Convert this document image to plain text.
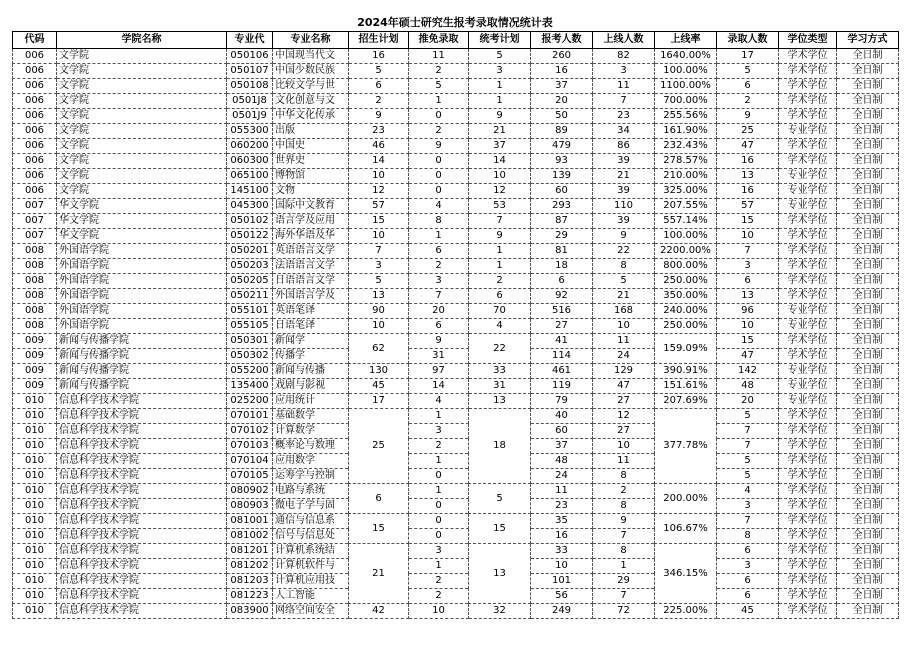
2024年硕士研究生报考录取情况统计表
代码	学院名称	专业代	专业名称	招生计划	推免录取	统考计划	报考人数	上线人数	上线率	录取人数	学位类型	学习方式
006	文学院	050106	中国现当代文	16	11	5	260	82	1640.00%	17	学术学位	全日制
006	文学院	050107	中国少数民族	5	2	3	16	3	100.00%	5	学术学位	全日制
006	文学院	050108	比较文学与世	6	5	1	37	11	1100.00%	6	学术学位	全日制
006	文学院	0501J8	文化创意与文	2	1	1	20	7	700.00%	2	学术学位	全日制
006	文学院	0501J9	中华文化传承	9	0	9	50	23	255.56%	9	学术学位	全日制
006	文学院	055300	出版	23	2	21	89	34	161.90%	25	专业学位	全日制
006	文学院	060200	中国史	46	9	37	479	86	232.43%	47	学术学位	全日制
006	文学院	060300	世界史	14	0	14	93	39	278.57%	16	学术学位	全日制
006	文学院	065100	博物馆	10	0	10	139	21	210.00%	13	专业学位	全日制
006	文学院	145100	文物	12	0	12	60	39	325.00%	16	专业学位	全日制
007	华文学院	045300	国际中文教育	57	4	53	293	110	207.55%	57	专业学位	全日制
007	华文学院	050102	语言学及应用	15	8	7	87	39	557.14%	15	学术学位	全日制
007	华文学院	050122	海外华语及华	10	1	9	29	9	100.00%	10	学术学位	全日制
008	外国语学院	050201	英语语言文学	7	6	1	81	22	2200.00%	7	学术学位	全日制
008	外国语学院	050203	法语语言文学	3	2	1	18	8	800.00%	3	学术学位	全日制
008	外国语学院	050205	日语语言文学	5	3	2	6	5	250.00%	6	学术学位	全日制
008	外国语学院	050211	外国语言学及	13	7	6	92	21	350.00%	13	学术学位	全日制
008	外国语学院	055101	英语笔译	90	20	70	516	168	240.00%	96	专业学位	全日制
008	外国语学院	055105	日语笔译	10	6	4	27	10	250.00%	10	专业学位	全日制
009	新闻与传播学院	050301	新闻学	62	9	22	41	11	159.09%	15	学术学位	全日制
009	新闻与传播学院	050302	传播学		31		114	24		47	学术学位	全日制
009	新闻与传播学院	055200	新闻与传播	130	97	33	461	129	390.91%	142	专业学位	全日制
009	新闻与传播学院	135400	戏剧与影视	45	14	31	119	47	151.61%	48	专业学位	全日制
010	信息科学技术学院	025200	应用统计	17	4	13	79	27	207.69%	20	专业学位	全日制
010	信息科学技术学院	070101	基础数学	25	1	18	40	12	377.78%	5	学术学位	全日制
010	信息科学技术学院	070102	计算数学		3		60	27		7	学术学位	全日制
010	信息科学技术学院	070103	概率论与数理		2		37	10		7	学术学位	全日制
010	信息科学技术学院	070104	应用数学		1		48	11		5	学术学位	全日制
010	信息科学技术学院	070105	运筹学与控制		0		24	8		5	学术学位	全日制
010	信息科学技术学院	080902	电路与系统	6	1	5	11	2	200.00%	4	学术学位	全日制
010	信息科学技术学院	080903	微电子学与固		0		23	8		3	学术学位	全日制
010	信息科学技术学院	081001	通信与信息系	15	0	15	35	9	106.67%	7	学术学位	全日制
010	信息科学技术学院	081002	信号与信息处		0		16	7		8	学术学位	全日制
010	信息科学技术学院	081201	计算机系统结	21	3	13	33	8	346.15%	6	学术学位	全日制
010	信息科学技术学院	081202	计算机软件与		1		10	1		3	学术学位	全日制
010	信息科学技术学院	081203	计算机应用技		2		101	29		6	学术学位	全日制
010	信息科学技术学院	081223	人工智能		2		56	7		6	学术学位	全日制
010	信息科学技术学院	083900	网络空间安全	42	10	32	249	72	225.00%	45	学术学位	全日制
